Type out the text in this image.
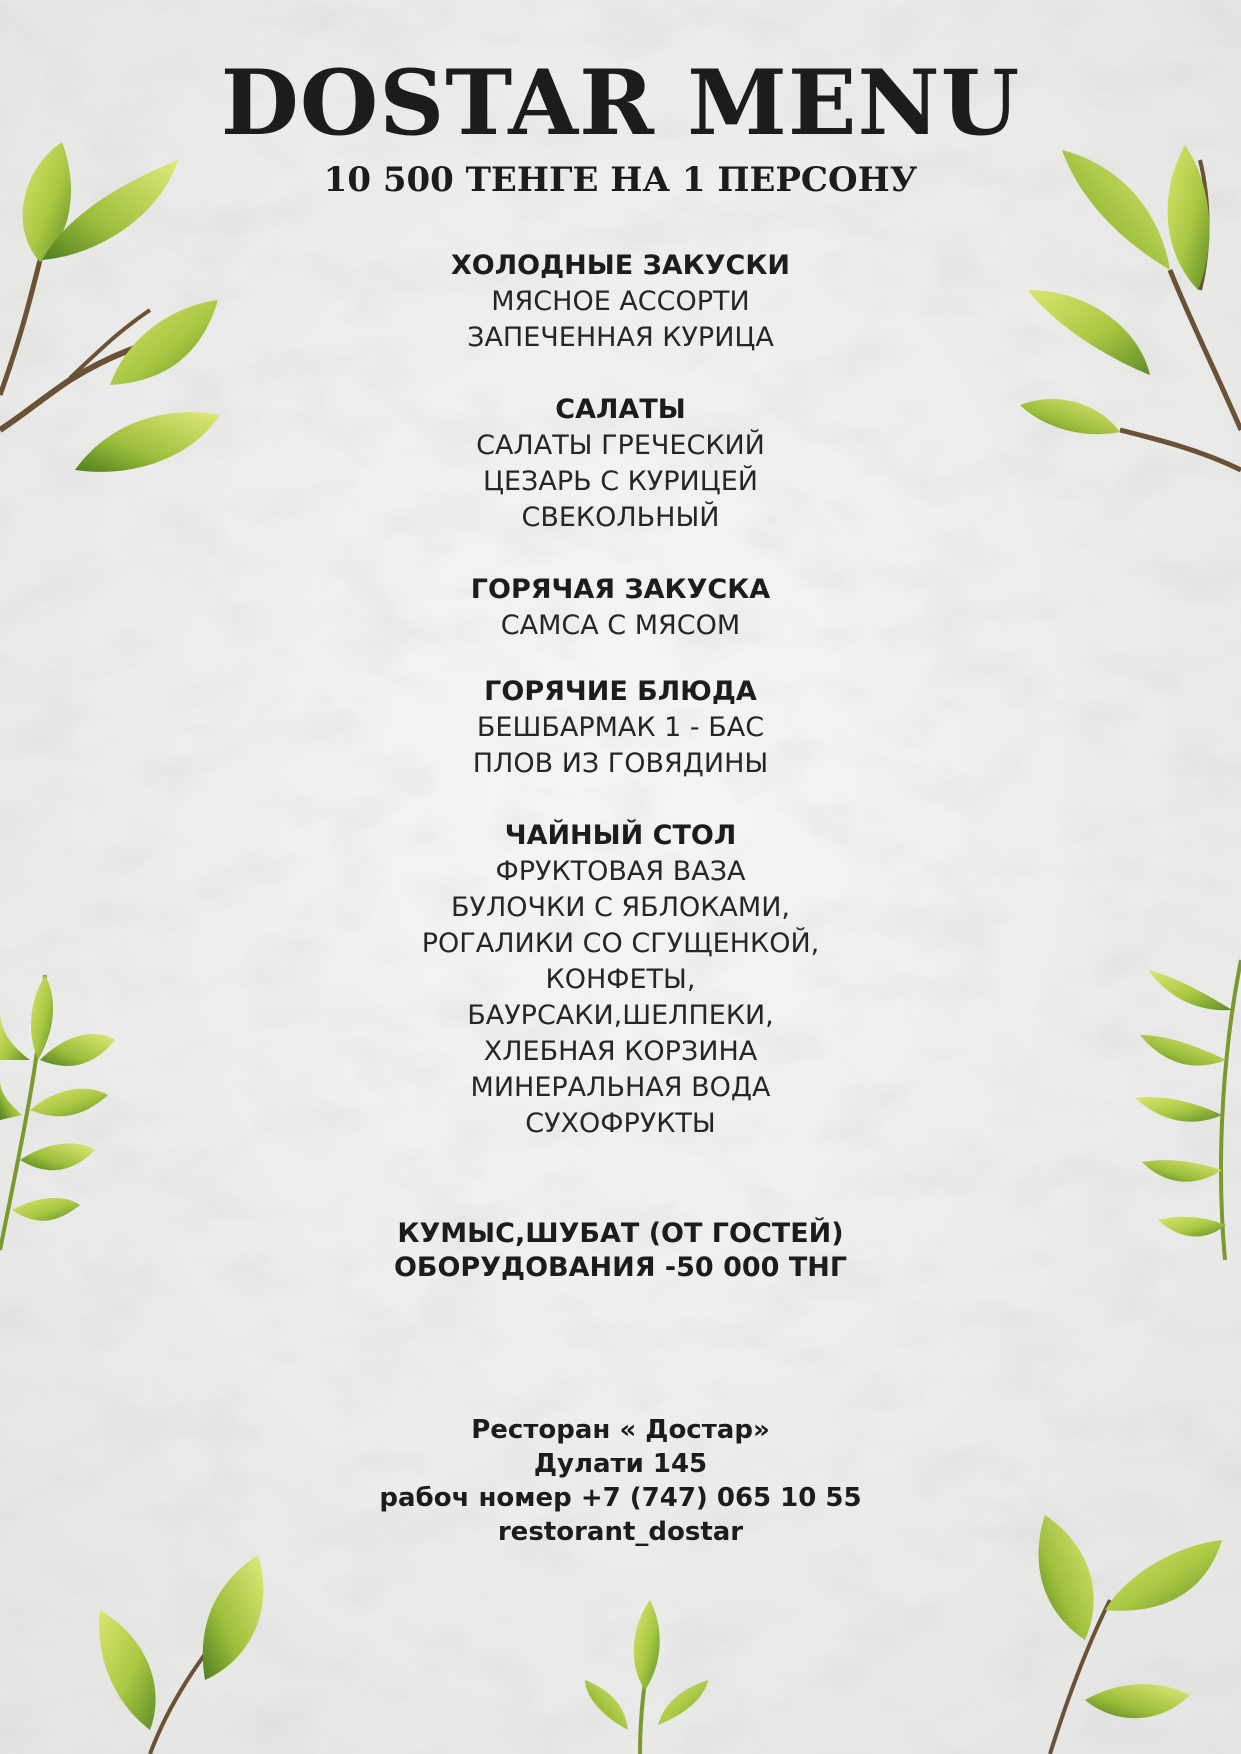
DOSTAR MENU
10 500 ТЕНГЕ НА 1 ПЕРСОНУ
ХОЛОДНЫЕ ЗАКУСКИ
МЯСНОЕ АССОРТИ
ЗАПЕЧЕННАЯ КУРИЦА
САЛАТЫ
САЛАТЫ ГРЕЧЕСКИЙ
ЦЕЗАРЬ С КУРИЦЕЙ
СВЕКОЛЬНЫЙ
ГОРЯЧАЯ ЗАКУСКА
САМСА С МЯСОМ
ГОРЯЧИЕ БЛЮДА
БЕШБАРМАК 1 - БАС
ПЛОВ ИЗ ГОВЯДИНЫ
ЧАЙНЫЙ СТОЛ
ФРУКТОВАЯ ВАЗА
БУЛОЧКИ С ЯБЛОКАМИ,
РОГАЛИКИ СО СГУЩЕНКОЙ,
КОНФЕТЫ,
БАУРСАКИ,ШЕЛПЕКИ,
ХЛЕБНАЯ КОРЗИНА
МИНЕРАЛЬНАЯ ВОДА
СУХОФРУКТЫ
КУМЫС,ШУБАТ (ОТ ГОСТЕЙ)
ОБОРУДОВАНИЯ -50 000 ТНГ
Ресторан « Достар»
Дулати 145
рабоч номер +7 (747) 065 10 55
restorant_dostar
